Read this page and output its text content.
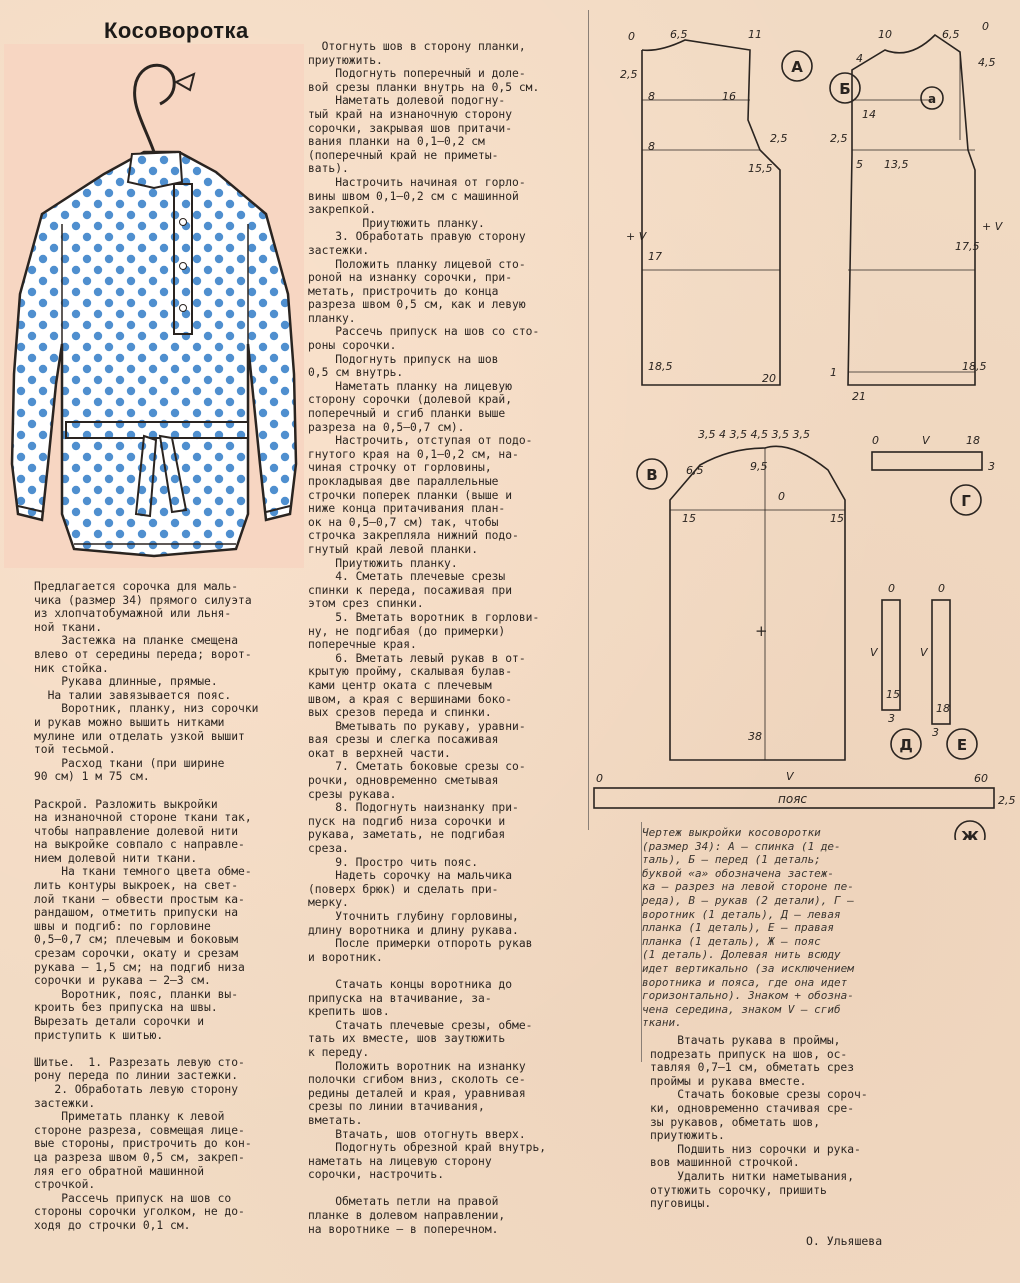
Косоворотка
Предлагается сорочка для маль-
чика (размер 34) прямого силуэта
из хлопчатобумажной или льня-
ной ткани.
Застежка на планке смещена
влево от середины переда; ворот-
ник стойка.
Рукава длинные, прямые.
На талии завязывается пояс.
Воротник, планку, низ сорочки
и рукав можно вышить нитками
мулине или отделать узкой вышит
той тесьмой.
Расход ткани (при ширине
90 см) 1 м 75 см.

Раскрой. Разложить выкройки
на изнаночной стороне ткани так,
чтобы направление долевой нити
на выкройке совпало с направле-
нием долевой нити ткани.
На ткани темного цвета обме-
лить контуры выкроек, на свет-
лой ткани — обвести простым ка-
рандашом, отметить припуски на
швы и подгиб: по горловине
0,5—0,7 см; плечевым и боковым
срезам сорочки, окату и срезам
рукава — 1,5 см; на подгиб низа
сорочки и рукава — 2—3 см.
Воротник, пояс, планки вы-
кроить без припуска на швы.
Вырезать детали сорочки и
приступить к шитью.

Шитье.  1. Разрезать левую сто-
рону переда по линии застежки.
2. Обработать левую сторону
застежки.
Приметать планку к левой
стороне разреза, совмещая лице-
вые стороны, пристрочить до кон-
ца разреза швом 0,5 см, закреп-
ляя его обратной машинной
строчкой.
Рассечь припуск на шов со
стороны сорочки уголком, не до-
ходя до строчки 0,1 см.
Отогнуть шов в сторону планки,
приутюжить.
Подогнуть поперечный и доле-
вой срезы планки внутрь на 0,5 см.
Наметать долевой подогну-
тый край на изнаночную сторону
сорочки, закрывая шов притачи-
вания планки на 0,1—0,2 см
(поперечный край не приметы-
вать).
Настрочить начиная от горло-
вины швом 0,1—0,2 см с машинной
закрепкой.
Приутюжить планку.
3. Обработать правую сторону
застежки.
Положить планку лицевой сто-
роной на изнанку сорочки, при-
метать, пристрочить до конца
разреза швом 0,5 см, как и левую
планку.
Рассечь припуск на шов со сто-
роны сорочки.
Подогнуть припуск на шов
0,5 см внутрь.
Наметать планку на лицевую
сторону сорочки (долевой край,
поперечный и сгиб планки выше
разреза на 0,5—0,7 см).
Настрочить, отступая от подо-
гнутого края на 0,1—0,2 см, на-
чиная строчку от горловины,
прокладывая две параллельные
строчки поперек планки (выше и
ниже конца притачивания план-
ок на 0,5—0,7 см) так, чтобы
строчка закрепляла нижний подо-
гнутый край левой планки.
Приутюжить планку.
4. Сметать плечевые срезы
спинки к переда, посаживая при
этом срез спинки.
5. Вметать воротник в горлови-
ну, не подгибая (до примерки)
поперечные края.
6. Вметать левый рукав в от-
крытую пройму, скалывая булав-
ками центр оката с плечевым
швом, а края с вершинами боко-
вых срезов переда и спинки.
Вметывать по рукаву, уравни-
вая срезы и слегка посаживая
окат в верхней части.
7. Сметать боковые срезы со-
рочки, одновременно сметывая
срезы рукава.
8. Подогнуть наизнанку при-
пуск на подгиб низа сорочки и
рукава, заметать, не подгибая
среза.
9. Простро чить пояс.
Надеть сорочку на мальчика
(поверх брюк) и сделать при-
мерку.
Уточнить глубину горловины,
длину воротника и длину рукава.
После примерки отпороть рукав
и воротник.

Стачать концы воротника до
припуска на втачивание, за-
крепить шов.
Стачать плечевые срезы, обме-
тать их вместе, шов заутюжить
к переду.
Положить воротник на изнанку
полочки сгибом вниз, сколоть се-
редины деталей и края, уравнивая
срезы по линии втачивания,
вметать.
Втачать, шов отогнуть вверх.
Подогнуть обрезной край внутрь,
наметать на лицевую сторону
сорочки, настрочить.

Обметать петли на правой
планке в долевом направлении,
на воротнике — в поперечном.
А
Б
а
В
Г
Д	Е
Ж
0	6,5	11
2,5
8	16
8
2,5
15,5
17
+ V
18,5
20
10	6,5
0
4	4,5
14
2,5
5 13,5
17,5
+ V
1
21
18,5
3,5 4 3,5 4,5 3,5 3,5
6,5	9,5
0
15	15
+
38
0	V	18
3
0
V
15
3
0
V
18
3
0	V	60
2,5
пояс
Чертеж выкройки косоворотки
(размер 34): А — спинка (1 де-
таль), Б — перед (1 деталь;
буквой «а» обозначена застеж-
ка — разрез на левой стороне пе-
реда), В — рукав (2 детали), Г —
воротник (1 деталь), Д — левая
планка (1 деталь), Е — правая
планка (1 деталь), Ж — пояс
(1 деталь). Долевая нить всюду
идет вертикально (за исключением
воротника и пояса, где она идет
горизонтально). Знаком + обозна-
чена середина, знаком V — сгиб
ткани.
Втачать рукава в проймы,
подрезать припуск на шов, ос-
тавляя 0,7—1 см, обметать срез
проймы и рукава вместе.
Стачать боковые срезы сороч-
ки, одновременно стачивая сре-
зы рукавов, обметать шов,
приутюжить.
Подшить низ сорочки и рука-
вов машинной строчкой.
Удалить нитки наметывания,
отутюжить сорочку, пришить
пуговицы.
О. Ульяшева
